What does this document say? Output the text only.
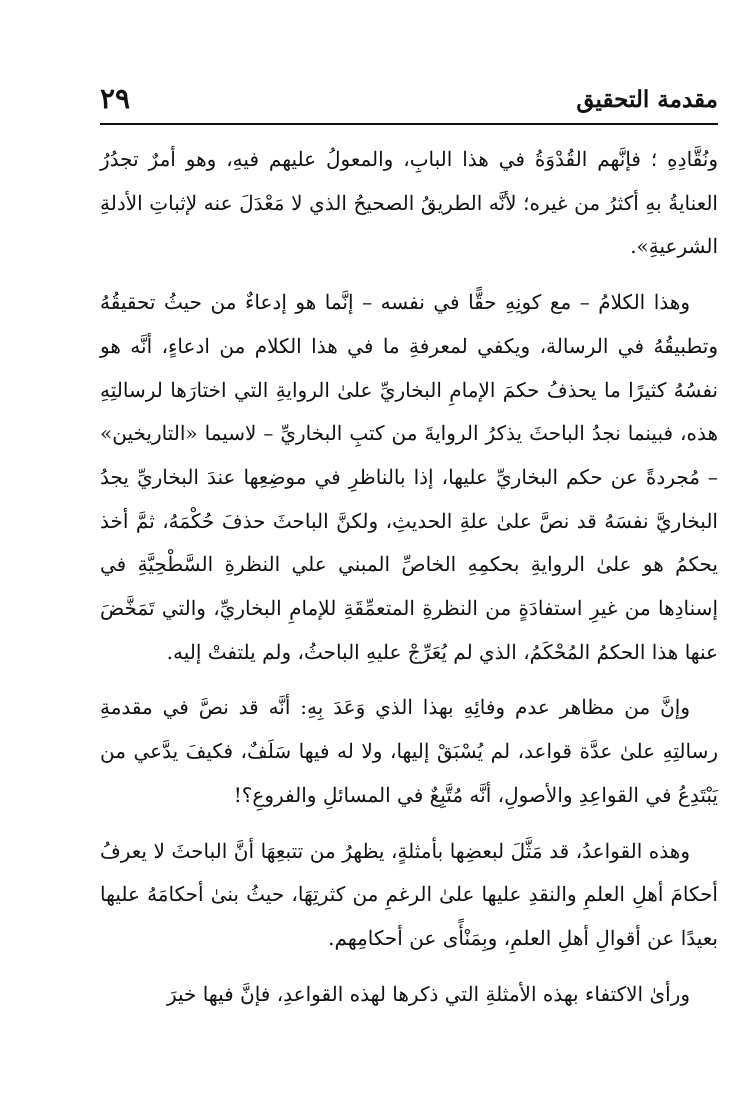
مقدمة التحقيق
٢٩

ونُقَّادِهِ ؛ فإنَّهم القُدْوَةُ في هذا البابِ، والمعولُ عليهم فيهِ، وهو أمرٌ تجدُرُ العنايةُ بهِ أكثرُ من غيره؛ لأنَّه الطريقُ الصحيحُ الذي لا مَعْدَلَ عنه لإثباتِ الأدلةِ الشرعيةِ».

وهذا الكلامُ – مع كونِهِ حقًّا في نفسه – إنَّما هو إدعاءٌ من حيثُ تحقيقُهُ وتطبيقُهُ في الرسالة، ويكفي لمعرفةِ ما في هذا الكلام من ادعاءٍ، أنَّه هو نفسُهُ كثيرًا ما يحذفُ حكمَ الإمامِ البخاريِّ علىٰ الروايةِ التي اختارَها لرسالتِهِ هذه، فبينما نجدُ الباحثَ يذكرُ الروايةَ من كتبِ البخاريِّ – لاسيما «التاريخين» – مُجردةً عن حكم البخاريِّ عليها، إذا بالناظرِ في موضِعِها عندَ البخاريِّ يجدُ البخاريَّ نفسَهُ قد نصَّ علىٰ علةِ الحديثِ، ولكنَّ الباحثَ حذفَ حُكْمَهُ، ثمَّ أخذ يحكمُ هو علىٰ الروايةِ بحكمِهِ الخاصِّ المبني علي النظرةِ السَّطْحِيَّةِ في إسنادِها من غيرِ استفادَةٍ من النظرةِ المتعمِّقَةِ للإمامِ البخاريِّ، والتي تَمَخَّضَ عنها هذا الحكمُ المُحْكَمُ، الذي لم يُعَرِّجْ عليهِ الباحثُ، ولم يلتفتْ إليه.

وإنَّ من مظاهر عدم وفائِهِ بهذا الذي وَعَدَ بِهِ: أنَّه قد نصَّ في مقدمةِ رسالتِهِ علىٰ عدَّة قواعد، لم يُسْبَقْ إليها، ولا له فيها سَلَفٌ، فكيفَ يدَّعي من يَبْتَدِعُ في القواعِدِ والأصولِ، أنَّه مُتَّبِعٌ في المسائلِ والفروعِ؟!

وهذه القواعدُ، قد مَثَّلَ لبعضِها بأمثلةٍ، يظهرُ من تتبعِهَا أنَّ الباحثَ لا يعرفُ أحكامَ أهلِ العلمِ والنقدِ عليها علىٰ الرغمِ من كثرتِهَا، حيثُ بنىٰ أحكامَهُ عليها بعيدًا عن أقوالِ أهلِ العلمِ، وبِمَنْأًى عن أحكامِهم.

ورأىٰ الاكتفاء بهذه الأمثلةِ التي ذكرها لهذه القواعدِ، فإنَّ فيها خيرَ
